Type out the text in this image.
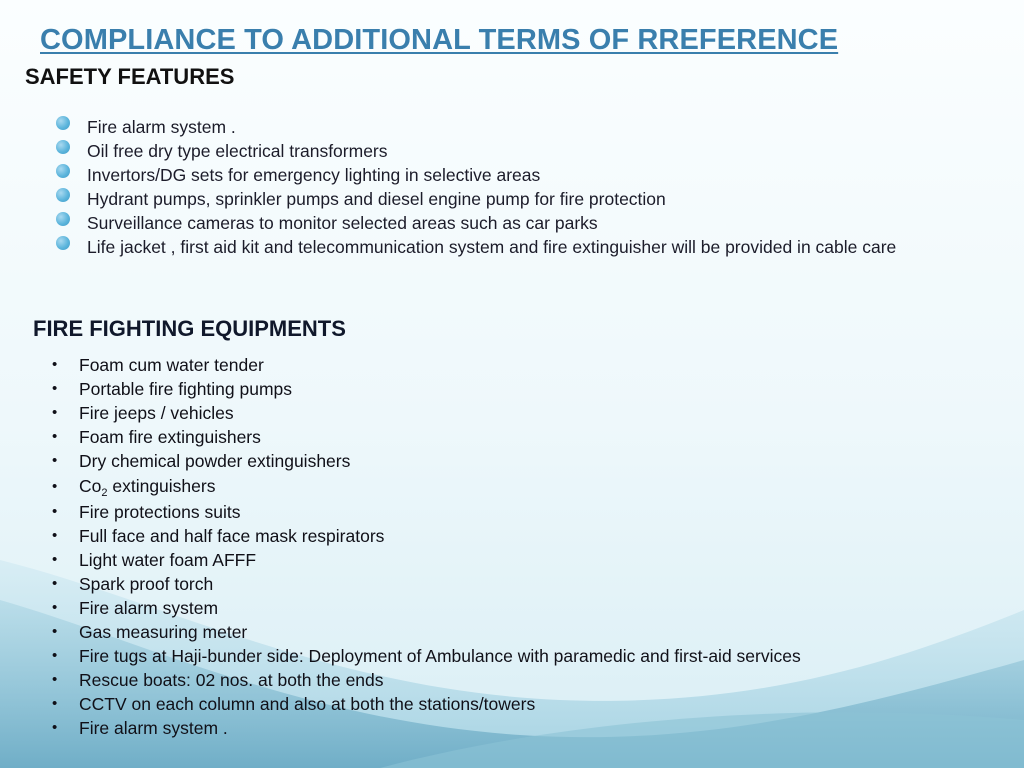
COMPLIANCE TO ADDITIONAL TERMS OF RREFERENCE
SAFETY FEATURES
Fire alarm system .
Oil free dry type electrical transformers
Invertors/DG sets for emergency lighting in selective areas
Hydrant pumps, sprinkler pumps and diesel engine pump for fire protection
Surveillance cameras to monitor selected areas such as car parks
Life jacket , first aid kit and telecommunication system and fire extinguisher will be provided in cable care
FIRE FIGHTING EQUIPMENTS
• Foam cum water tender
• Portable fire fighting pumps
• Fire jeeps / vehicles
• Foam fire extinguishers
• Dry chemical powder extinguishers
• $Co_2$ extinguishers
• Fire protections suits
• Full face and half face mask respirators
• Light water foam AFFF
• Spark proof torch
• Fire alarm system
• Gas measuring meter
• Fire tugs at Haji-bunder side: Deployment of Ambulance with paramedic and first-aid services
• Rescue boats: 02 nos. at both the ends
• CCTV on each column and also at both the stations/towers
• Fire alarm system .
